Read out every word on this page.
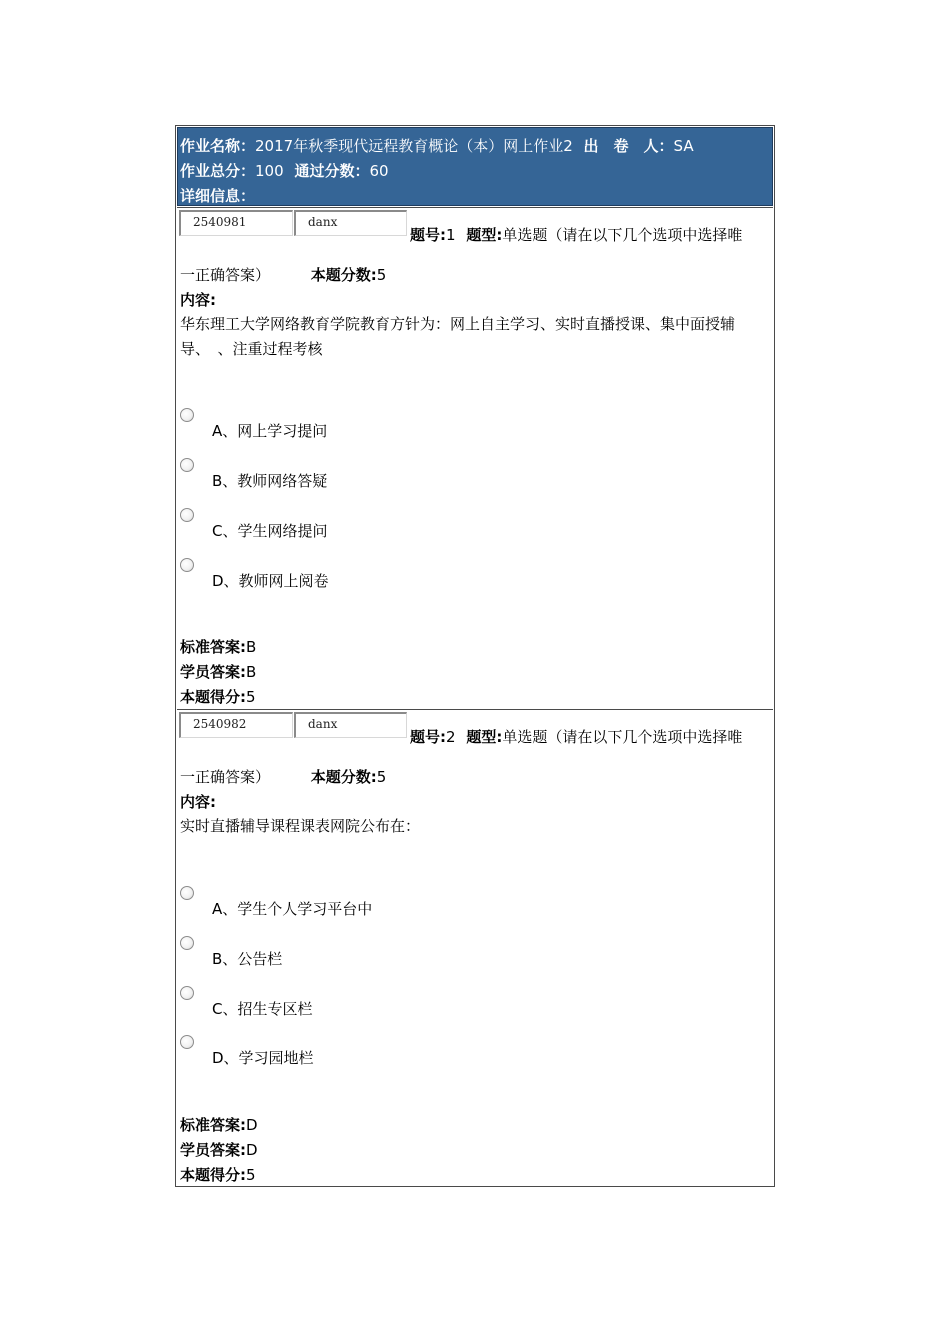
作业名称：2017年秋季现代远程教育概论（本）网上作业2 出　卷　人：SA
作业总分：100 通过分数：60
详细信息：
2540981	danx
题号:1 题型:单选题（请在以下几个选项中选择唯
一正确答案）	本题分数:5
内容:
华东理工大学网络教育学院教育方针为：网上自主学习、实时直播授课、集中面授辅导、　、注重过程考核
A、网上学习提问
B、教师网络答疑
C、学生网络提问
D、教师网上阅卷
标准答案:B
学员答案:B
本题得分:5
2540982	danx
题号:2 题型:单选题（请在以下几个选项中选择唯
一正确答案）	本题分数:5
内容:
实时直播辅导课程课表网院公布在：
A、学生个人学习平台中
B、公告栏
C、招生专区栏
D、学习园地栏
标准答案:D
学员答案:D
本题得分:5
